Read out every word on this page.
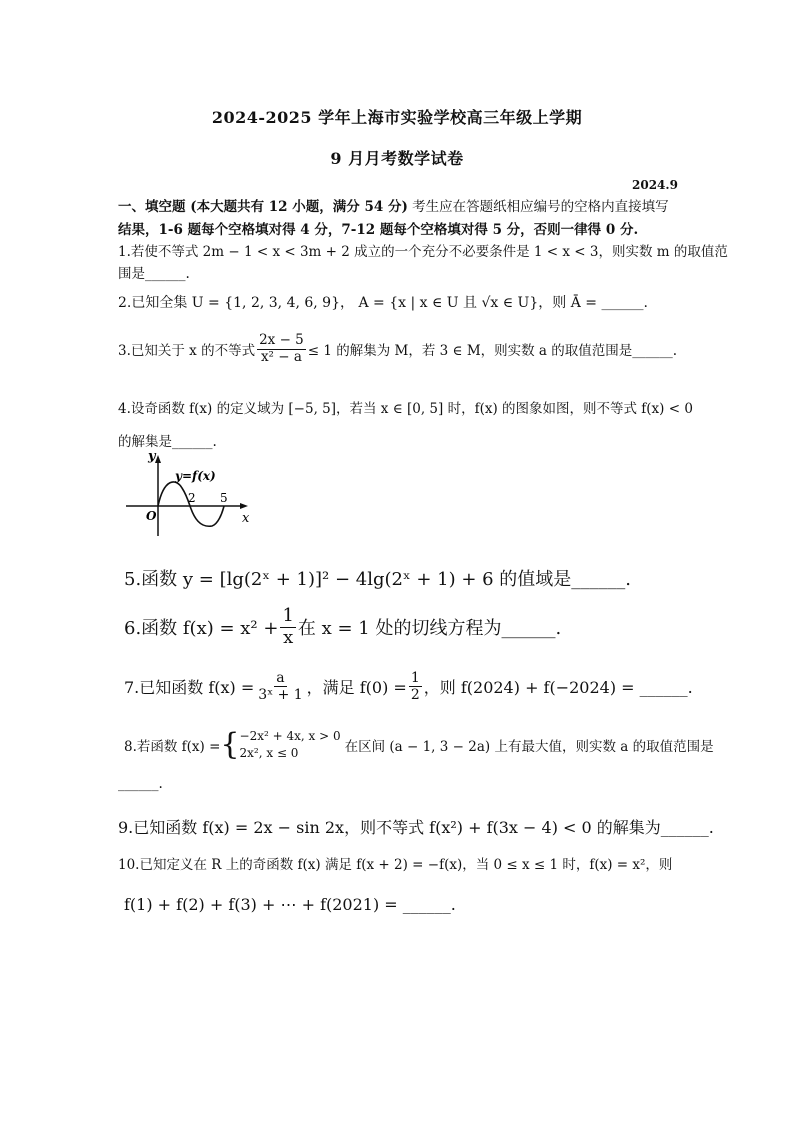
2024-2025 学年上海市实验学校高三年级上学期
9 月月考数学试卷
2024.9
一、填空题 (本大题共有 12 小题，满分 54 分) 考生应在答题纸相应编号的空格内直接填写
结果，1-6 题每个空格填对得 4 分，7-12 题每个空格填对得 5 分，否则一律得 0 分.
1.若使不等式 2m − 1 < x < 3m + 2 成立的一个充分不必要条件是 1 < x < 3，则实数 m 的取值范
围是______.
2.已知全集 U = {1, 2, 3, 4, 6, 9}， A = {x | x ∈ U 且 √x ∈ U}，则 Ā = ______.
3.已知关于 x 的不等式 $\frac{2x - 5}{\text{x² − a}} \le 1$ 的解集为 M，若 3 ∈ M，则实数 a 的取值范围是______.
4.设奇函数 f(x) 的定义域为 [−5, 5]，若当 x ∈ [0, 5] 时，f(x) 的图象如图，则不等式 f(x) < 0
的解集是______.
y
x
O
y=f(x)
2 5
5.函数 y = [lg(2ˣ + 1)]² − 4lg(2ˣ + 1) + 6 的值域是______.
6.函数 $f(x) = x^2 + \frac{1}{x}$ 在 x = 1 处的切线方程为______.
7.已知函数 $f(x) = \frac{a}{\text{3ˣ + 1}}$ ，满足 $f(0) = \frac{1}{2}$ ，则 f(2024) + f(−2024) = ______.
8.若函数 f(x) = { −2x² + 4x, x > 0
2x², x ≤ 0	在区间 (a − 1, 3 − 2a) 上有最大值，则实数 a 的取值范围是
______.
9.已知函数 f(x) = 2x − sin 2x，则不等式 f(x²) + f(3x − 4) < 0 的解集为______.
10.已知定义在 R 上的奇函数 f(x) 满足 f(x + 2) = −f(x)，当 0 ≤ x ≤ 1 时，f(x) = x²，则
f(1) + f(2) + f(3) + ⋯ + f(2021) = ______.
